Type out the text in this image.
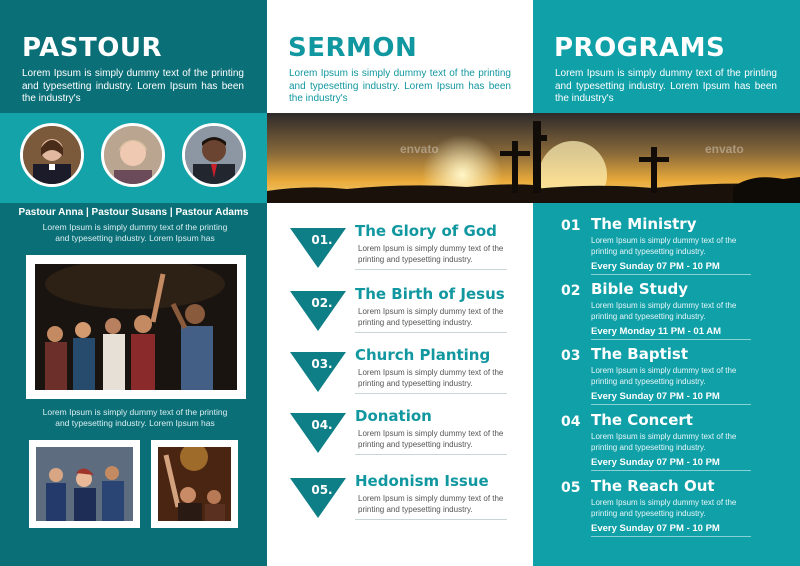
PASTOUR
Lorem Ipsum is simply dummy text of the printing and typesetting industry. Lorem Ipsum has been the industry's
Pastour Anna | Pastour Susans | Pastour Adams
Lorem Ipsum is simply dummy text of the printing and typesetting industry. Lorem Ipsum has
Lorem Ipsum is simply dummy text of the printing and typesetting industry. Lorem Ipsum has
SERMON
Lorem Ipsum is simply dummy text of the printing and typesetting industry. Lorem Ipsum has been the industry's
envato
01.	The Glory of God
Lorem Ipsum is simply dummy text of the printing and typesetting industry.
02.	The Birth of Jesus
Lorem Ipsum is simply dummy text of the printing and typesetting industry.
03.	Church Planting
Lorem Ipsum is simply dummy text of the printing and typesetting industry.
04.	Donation
Lorem Ipsum is simply dummy text of the printing and typesetting industry.
05.	Hedonism Issue
Lorem Ipsum is simply dummy text of the printing and typesetting industry.
PROGRAMS
Lorem Ipsum is simply dummy text of the printing and typesetting industry. Lorem Ipsum has been the industry's
envato
01 The Ministry
Lorem Ipsum is simply dummy text of the printing and typesetting industry.
Every Sunday 07 PM - 10 PM
02 Bible Study
Lorem Ipsum is simply dummy text of the printing and typesetting industry.
Every Monday 11 PM - 01 AM
03 The Baptist
Lorem Ipsum is simply dummy text of the printing and typesetting industry.
Every Sunday 07 PM - 10 PM
04 The Concert
Lorem Ipsum is simply dummy text of the printing and typesetting industry.
Every Sunday 07 PM - 10 PM
05 The Reach Out
Lorem Ipsum is simply dummy text of the printing and typesetting industry.
Every Sunday 07 PM - 10 PM
